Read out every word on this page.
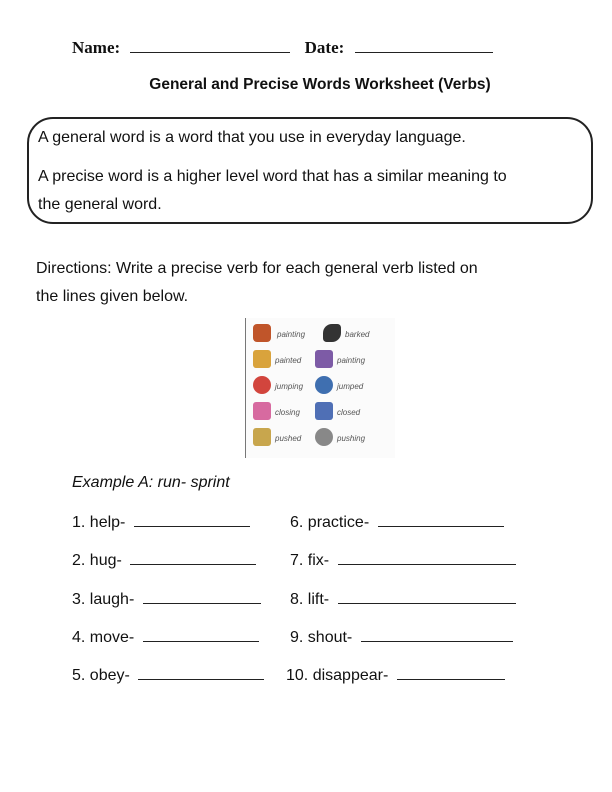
Name:	Date:
General and Precise Words Worksheet (Verbs)
A general word is a word that you use in everyday language.
A precise word is a higher level word that has a similar meaning to
the general word.
Directions: Write a precise verb for each general verb listed on
the lines given below.
painting	barked
painted	painting
jumping	jumped
closing	closed
pushed	pushing
Example A: run- sprint
1. help-
2. hug-
3. laugh-
4. move-
5. obey-
6. practice-
7. fix-
8. lift-
9. shout-
10. disappear-
